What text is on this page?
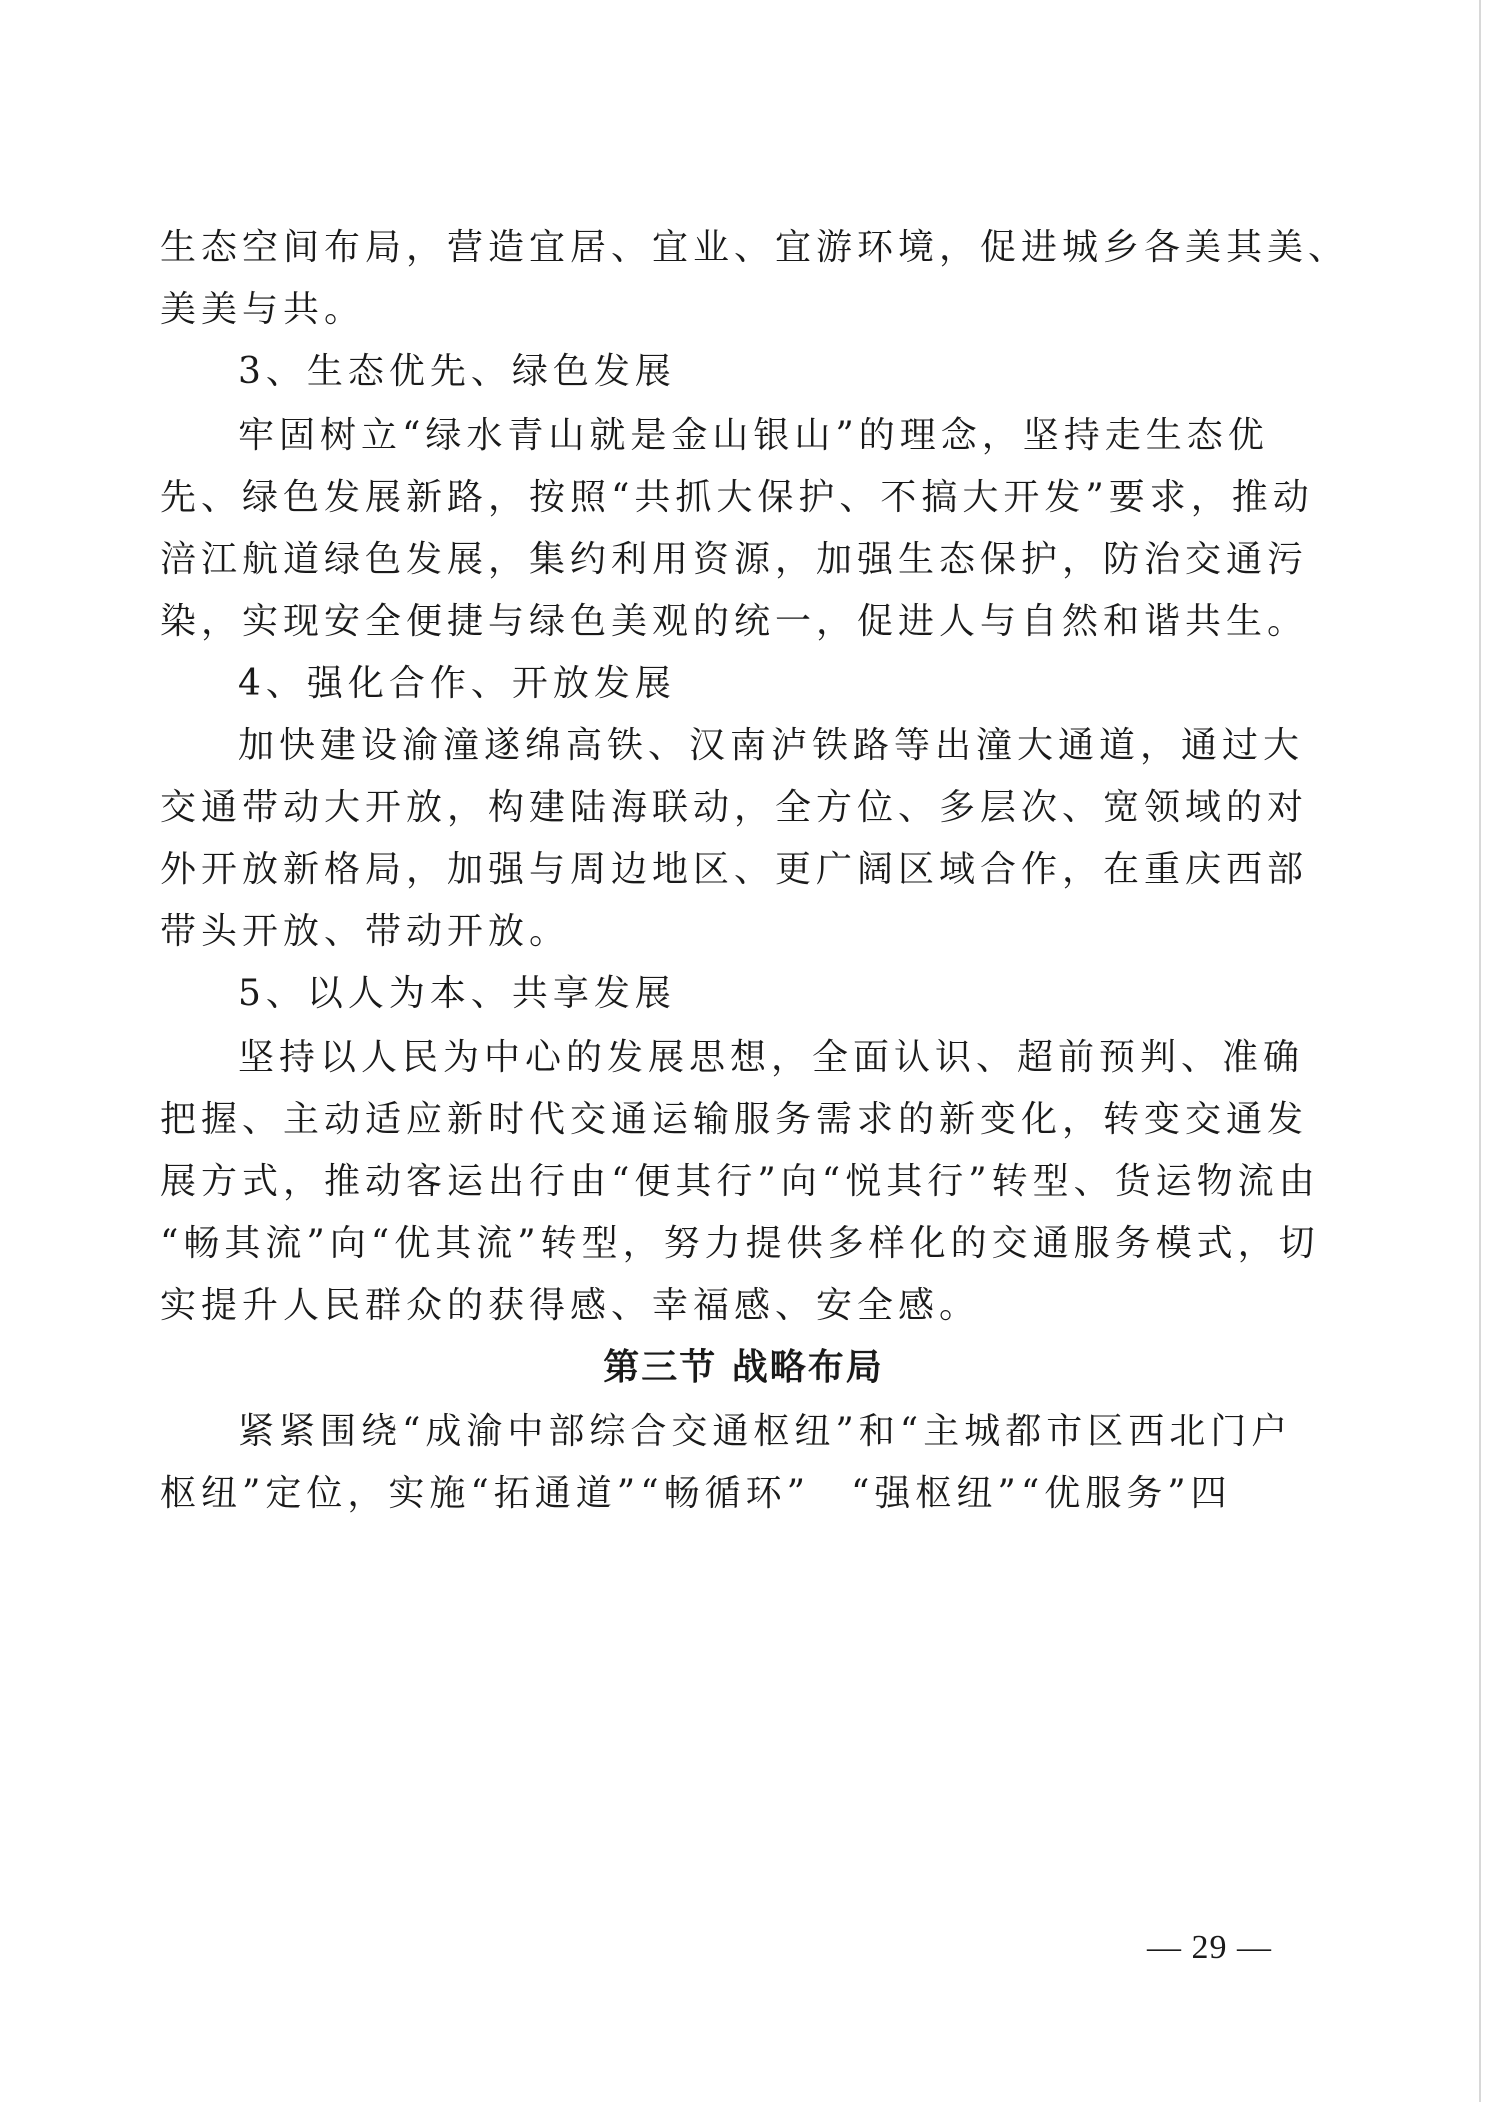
生态空间布局，营造宜居、宜业、宜游环境，促进城乡各美其美、
美美与共。
3、生态优先、绿色发展
牢固树立“绿水青山就是金山银山”的理念，坚持走生态优
先、绿色发展新路，按照“共抓大保护、不搞大开发”要求，推动
涪江航道绿色发展，集约利用资源，加强生态保护，防治交通污
染，实现安全便捷与绿色美观的统一，促进人与自然和谐共生。
4、强化合作、开放发展
加快建设渝潼遂绵高铁、汉南泸铁路等出潼大通道，通过大
交通带动大开放，构建陆海联动，全方位、多层次、宽领域的对
外开放新格局，加强与周边地区、更广阔区域合作，在重庆西部
带头开放、带动开放。
5、以人为本、共享发展
坚持以人民为中心的发展思想，全面认识、超前预判、准确
把握、主动适应新时代交通运输服务需求的新变化，转变交通发
展方式，推动客运出行由“便其行”向“悦其行”转型、货运物流由
“畅其流”向“优其流”转型，努力提供多样化的交通服务模式，切
实提升人民群众的获得感、幸福感、安全感。
第三节 战略布局
紧紧围绕“成渝中部综合交通枢纽”和“主城都市区西北门户
枢纽”定位，实施“拓通道”“畅循环”　“强枢纽”“优服务”四
— 29 —
